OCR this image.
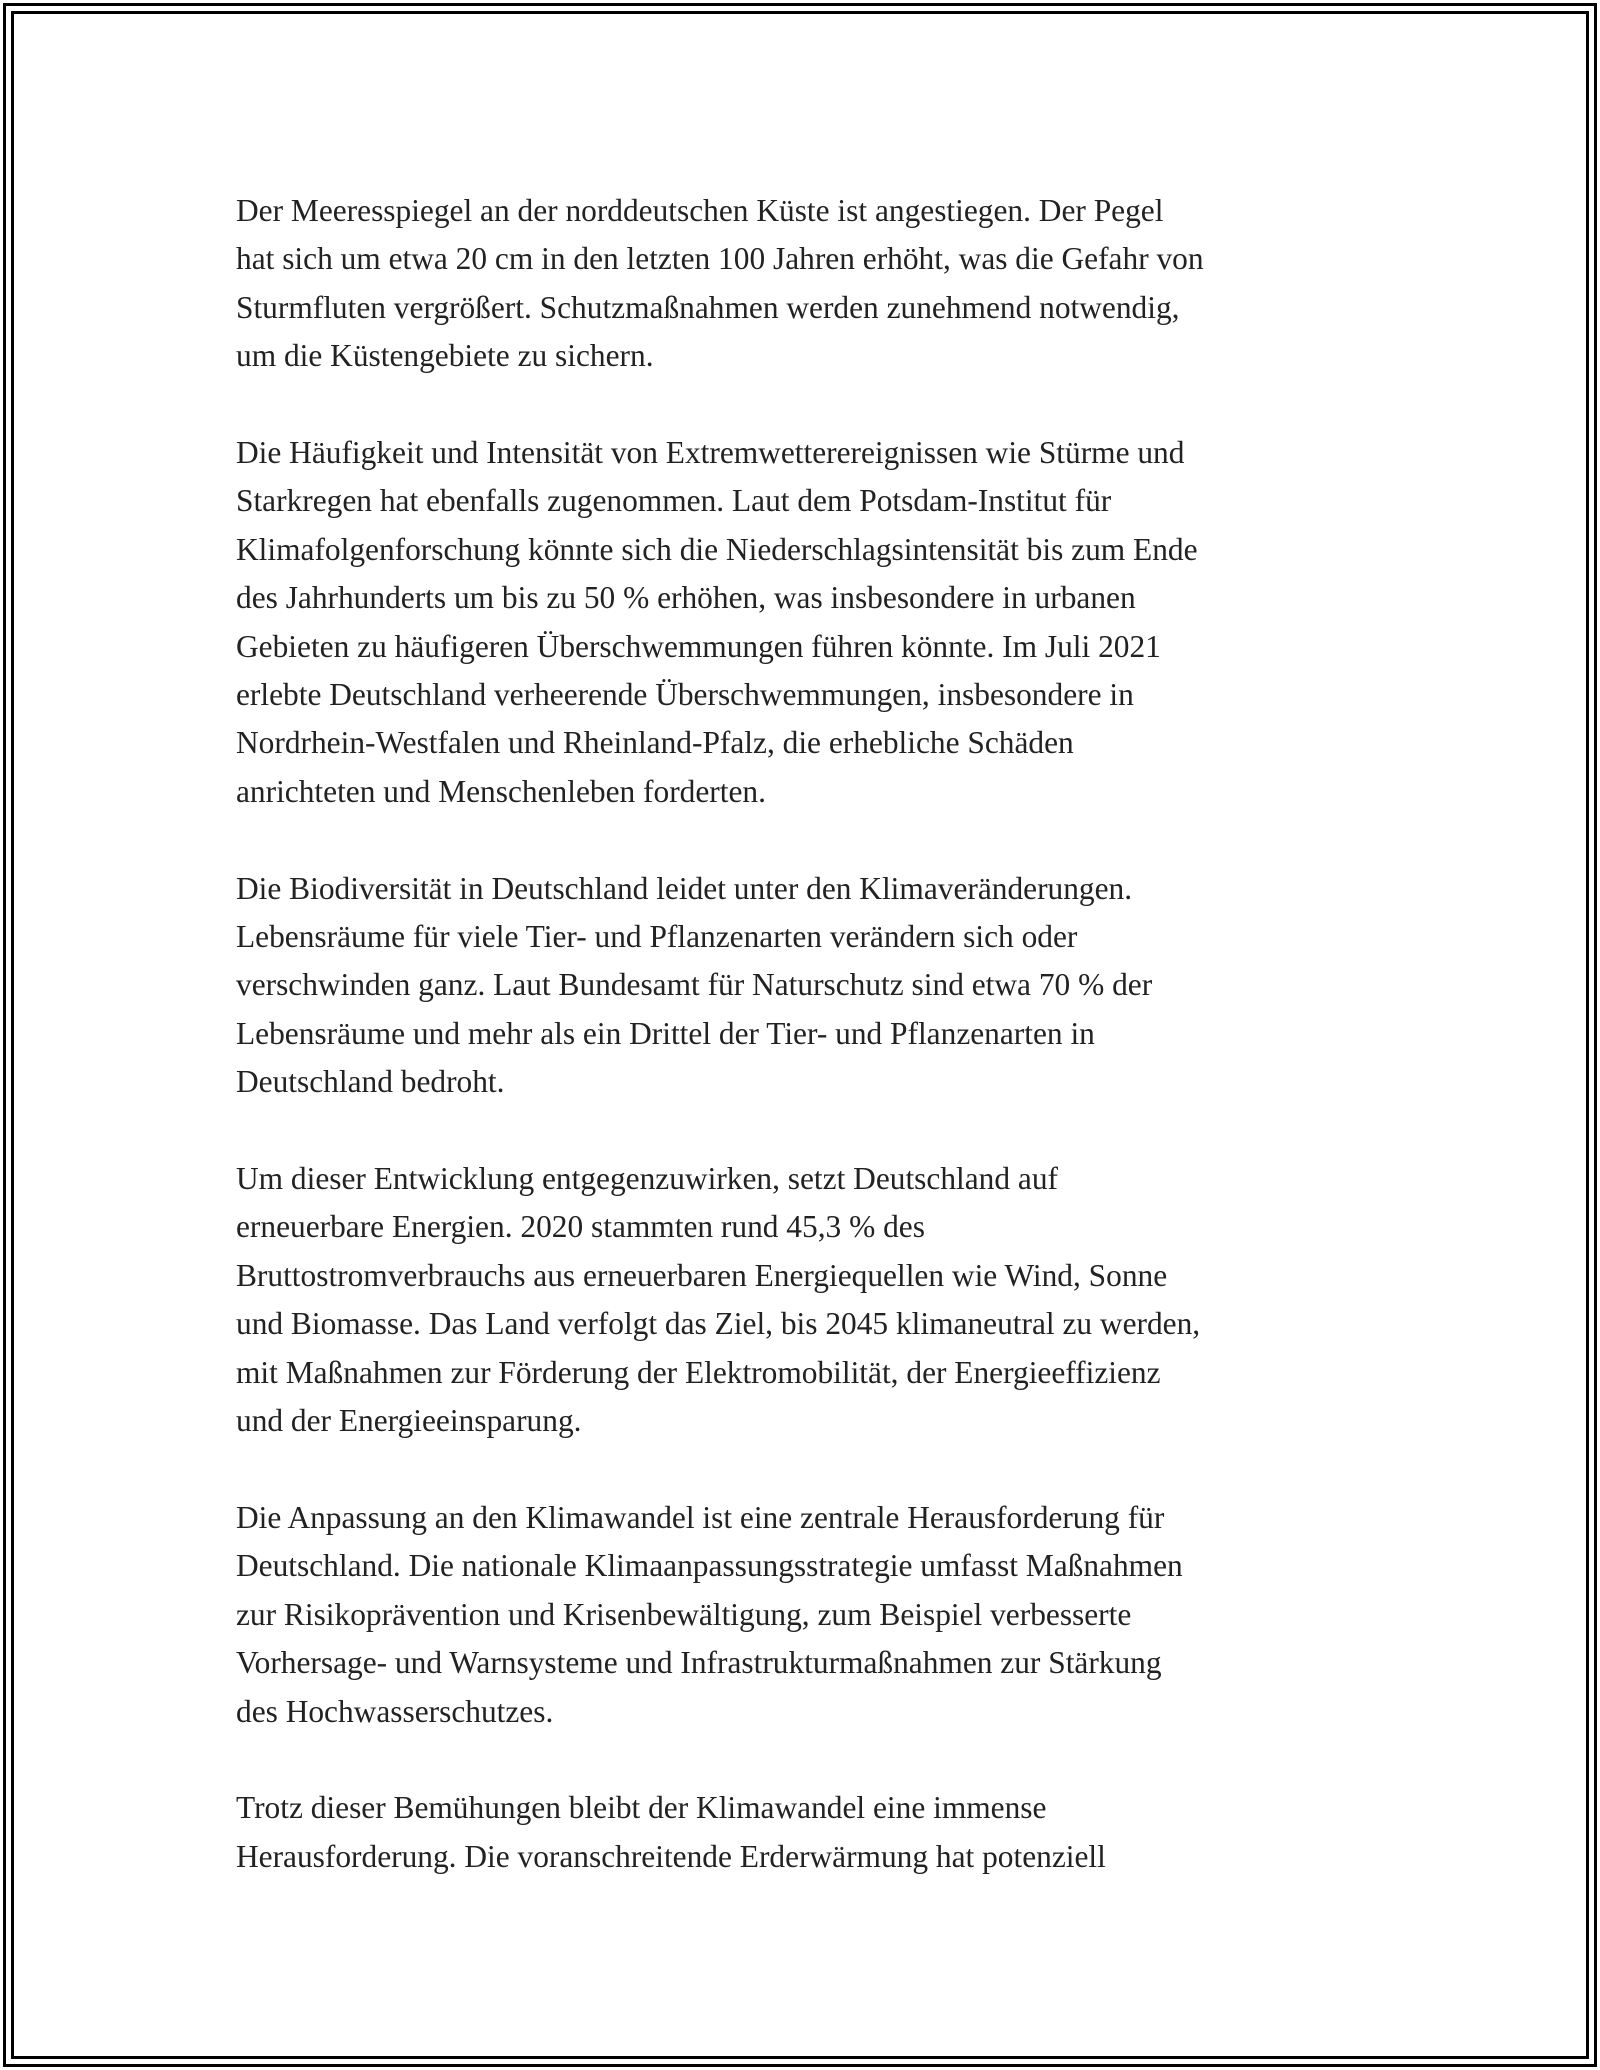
Der Meeresspiegel an der norddeutschen Küste ist angestiegen. Der Pegel
hat sich um etwa 20 cm in den letzten 100 Jahren erhöht, was die Gefahr von
Sturmfluten vergrößert. Schutzmaßnahmen werden zunehmend notwendig,
um die Küstengebiete zu sichern.

Die Häufigkeit und Intensität von Extremwetterereignissen wie Stürme und
Starkregen hat ebenfalls zugenommen. Laut dem Potsdam-Institut für
Klimafolgenforschung könnte sich die Niederschlagsintensität bis zum Ende
des Jahrhunderts um bis zu 50 % erhöhen, was insbesondere in urbanen
Gebieten zu häufigeren Überschwemmungen führen könnte. Im Juli 2021
erlebte Deutschland verheerende Überschwemmungen, insbesondere in
Nordrhein-Westfalen und Rheinland-Pfalz, die erhebliche Schäden
anrichteten und Menschenleben forderten.

Die Biodiversität in Deutschland leidet unter den Klimaveränderungen.
Lebensräume für viele Tier- und Pflanzenarten verändern sich oder
verschwinden ganz. Laut Bundesamt für Naturschutz sind etwa 70 % der
Lebensräume und mehr als ein Drittel der Tier- und Pflanzenarten in
Deutschland bedroht.

Um dieser Entwicklung entgegenzuwirken, setzt Deutschland auf
erneuerbare Energien. 2020 stammten rund 45,3 % des
Bruttostromverbrauchs aus erneuerbaren Energiequellen wie Wind, Sonne
und Biomasse. Das Land verfolgt das Ziel, bis 2045 klimaneutral zu werden,
mit Maßnahmen zur Förderung der Elektromobilität, der Energieeffizienz
und der Energieeinsparung.

Die Anpassung an den Klimawandel ist eine zentrale Herausforderung für
Deutschland. Die nationale Klimaanpassungsstrategie umfasst Maßnahmen
zur Risikoprävention und Krisenbewältigung, zum Beispiel verbesserte
Vorhersage- und Warnsysteme und Infrastrukturmaßnahmen zur Stärkung
des Hochwasserschutzes.

Trotz dieser Bemühungen bleibt der Klimawandel eine immense
Herausforderung. Die voranschreitende Erderwärmung hat potenziell
